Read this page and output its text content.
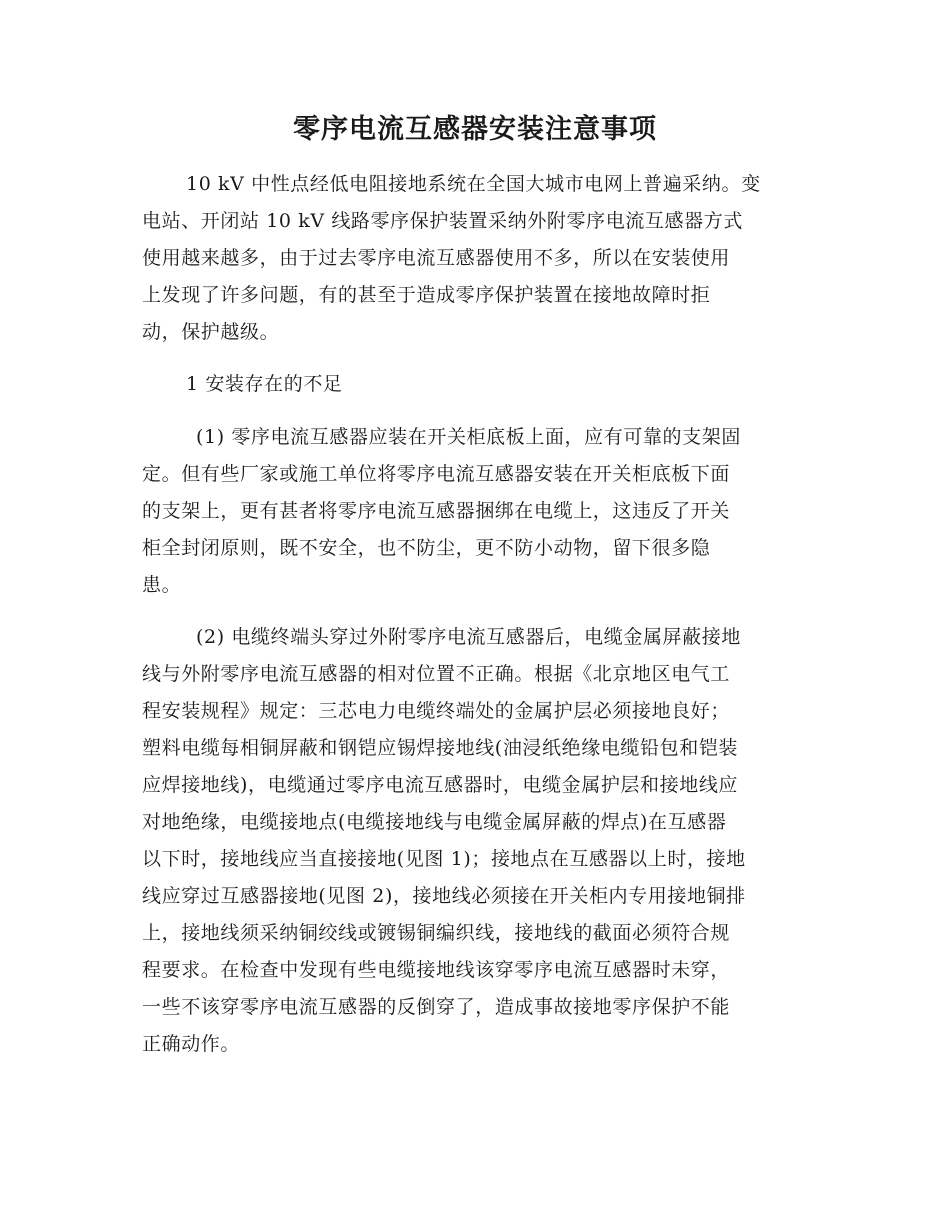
零序电流互感器安装注意事项

10 kV 中性点经低电阻接地系统在全国大城市电网上普遍采纳。变

电站、开闭站 10 kV 线路零序保护装置采纳外附零序电流互感器方式

使用越来越多，由于过去零序电流互感器使用不多，所以在安装使用

上发现了许多问题，有的甚至于造成零序保护装置在接地故障时拒

动，保护越级。

1 安装存在的不足

(1) 零序电流互感器应装在开关柜底板上面，应有可靠的支架固

定。但有些厂家或施工单位将零序电流互感器安装在开关柜底板下面

的支架上，更有甚者将零序电流互感器捆绑在电缆上，这违反了开关

柜全封闭原则，既不安全，也不防尘，更不防小动物，留下很多隐

患。

(2) 电缆终端头穿过外附零序电流互感器后，电缆金属屏蔽接地

线与外附零序电流互感器的相对位置不正确。根据《北京地区电气工

程安装规程》规定：三芯电力电缆终端处的金属护层必须接地良好；

塑料电缆每相铜屏蔽和钢铠应锡焊接地线(油浸纸绝缘电缆铅包和铠装

应焊接地线)，电缆通过零序电流互感器时，电缆金属护层和接地线应

对地绝缘，电缆接地点(电缆接地线与电缆金属屏蔽的焊点)在互感器

以下时，接地线应当直接接地(见图 1)；接地点在互感器以上时，接地

线应穿过互感器接地(见图 2)，接地线必须接在开关柜内专用接地铜排

上，接地线须采纳铜绞线或镀锡铜编织线，接地线的截面必须符合规

程要求。在检查中发现有些电缆接地线该穿零序电流互感器时未穿，

一些不该穿零序电流互感器的反倒穿了，造成事故接地零序保护不能

正确动作。
